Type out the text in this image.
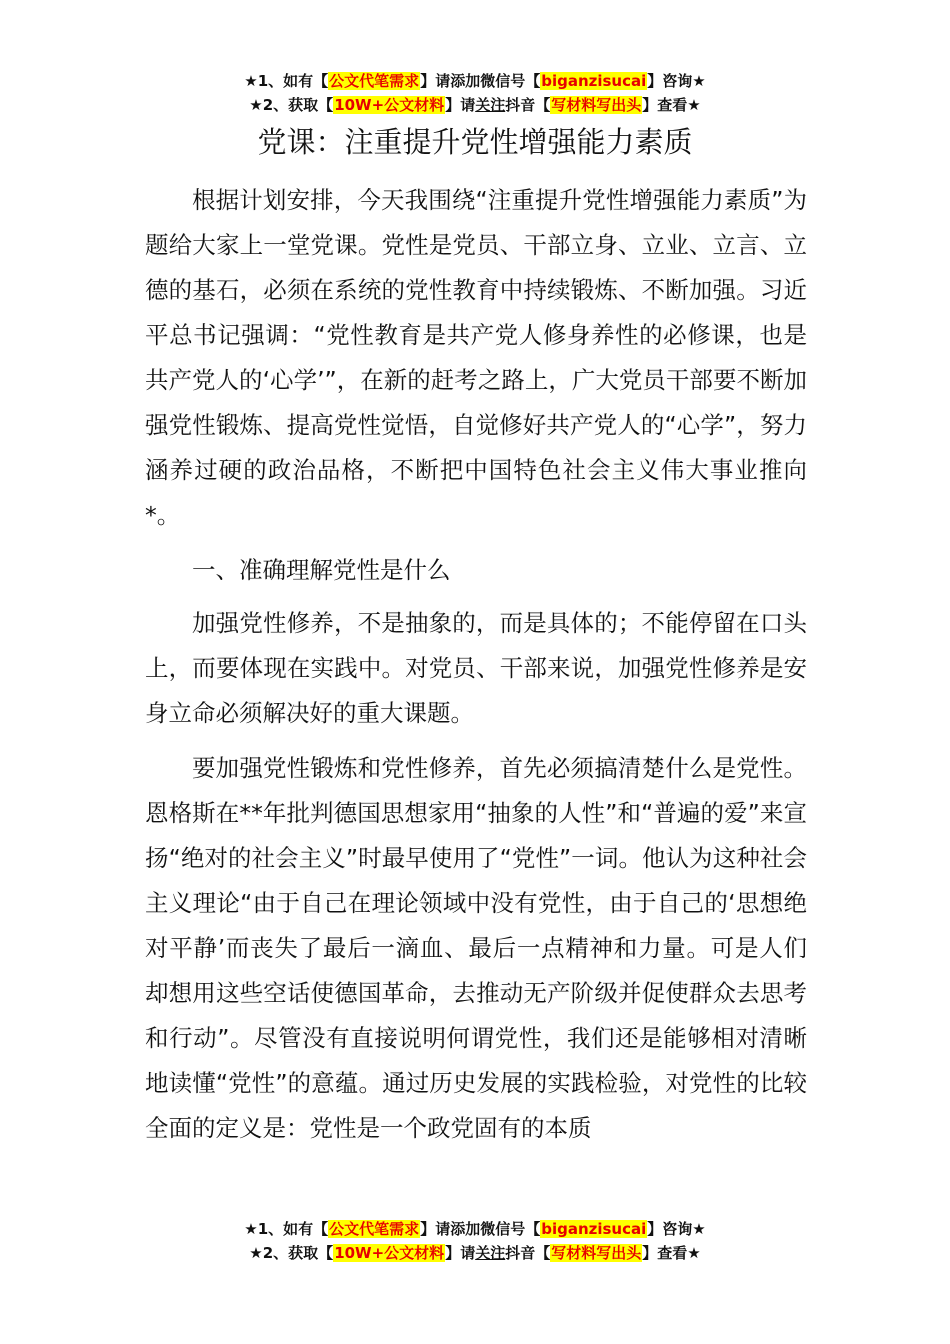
★1、如有【公文代笔需求】请添加微信号【biganzisucai】咨询★
★2、获取【10W+公文材料】请关注抖音【写材料写出头】查看★
党课：注重提升党性增强能力素质

根据计划安排，今天我围绕“注重提升党性增强能力素质”为题给大家上一堂党课。党性是党员、干部立身、立业、立言、立德的基石，必须在系统的党性教育中持续锻炼、不断加强。习近平总书记强调：“党性教育是共产党人修身养性的必修课，也是共产党人的‘心学’”，在新的赶考之路上，广大党员干部要不断加强党性锻炼、提高党性觉悟，自觉修好共产党人的“心学”，努力涵养过硬的政治品格，不断把中国特色社会主义伟大事业推向*。

一、准确理解党性是什么

加强党性修养，不是抽象的，而是具体的；不能停留在口头上，而要体现在实践中。对党员、干部来说，加强党性修养是安身立命必须解决好的重大课题。

要加强党性锻炼和党性修养，首先必须搞清楚什么是党性。恩格斯在**年批判德国思想家用“抽象的人性”和“普遍的爱”来宣扬“绝对的社会主义”时最早使用了“党性”一词。他认为这种社会主义理论“由于自己在理论领域中没有党性，由于自己的‘思想绝对平静’而丧失了最后一滴血、最后一点精神和力量。可是人们却想用这些空话使德国革命，去推动无产阶级并促使群众去思考和行动”。尽管没有直接说明何谓党性，我们还是能够相对清晰地读懂“党性”的意蕴。通过历史发展的实践检验，对党性的比较全面的定义是：党性是一个政党固有的本质

★1、如有【公文代笔需求】请添加微信号【biganzisucai】咨询★
★2、获取【10W+公文材料】请关注抖音【写材料写出头】查看★
